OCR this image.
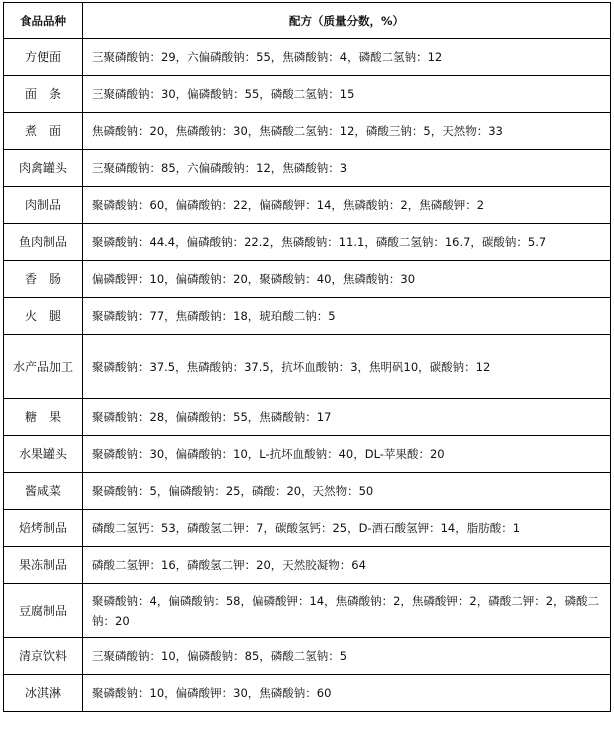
食品品种	配方（质量分数，%）
方便面	三聚磷酸钠：29，六偏磷酸钠：55，焦磷酸钠：4，磷酸二氢钠：12
面　条	三聚磷酸钠：30，偏磷酸钠：55，磷酸二氢钠：15
煮　面	焦磷酸钠：20，焦磷酸钠：30，焦磷酸二氢钠：12，磷酸三钠：5，天然物：33
肉禽罐头	三聚磷酸钠：85，六偏磷酸钠：12，焦磷酸钠：3
肉制品	聚磷酸钠：60，偏磷酸钠：22，偏磷酸钾：14，焦磷酸钠：2，焦磷酸钾：2
鱼肉制品	聚磷酸钠：44.4，偏磷酸钠：22.2，焦磷酸钠：11.1，磷酸二氢钠：16.7，碳酸钠：5.7
香　肠	偏磷酸钾：10，偏磷酸钠：20，聚磷酸钠：40，焦磷酸钠：30
火　腿	聚磷酸钠：77，焦磷酸钠：18，琥珀酸二钠：5
水产品加工	聚磷酸钠：37.5，焦磷酸钠：37.5，抗坏血酸钠：3，焦明矾10，碳酸钠：12
糖　果	聚磷酸钠：28，偏磷酸钠：55，焦磷酸钠：17
水果罐头	聚磷酸钠：30，偏磷酸钠：10，L-抗坏血酸钠：40，DL-苹果酸：20
酱咸菜	聚磷酸钠：5，偏磷酸钠：25，磷酸：20，天然物：50
焙烤制品	磷酸二氢钙：53，磷酸氢二钾：7，碳酸氢钙：25，D-酒石酸氢钾：14，脂肪酸：1
果冻制品	磷酸二氢钾：16，磷酸氢二钾：20，天然胶凝物：64
豆腐制品	聚磷酸钠：4，偏磷酸钠：58，偏磷酸钾：14，焦磷酸钠：2，焦磷酸钾：2，磷酸二钾：2，磷酸二钠：20
清京饮料	三聚磷酸钠：10，偏磷酸钠：85，磷酸二氢钠：5
冰淇淋	聚磷酸钠：10，偏磷酸钾：30，焦磷酸钠：60
